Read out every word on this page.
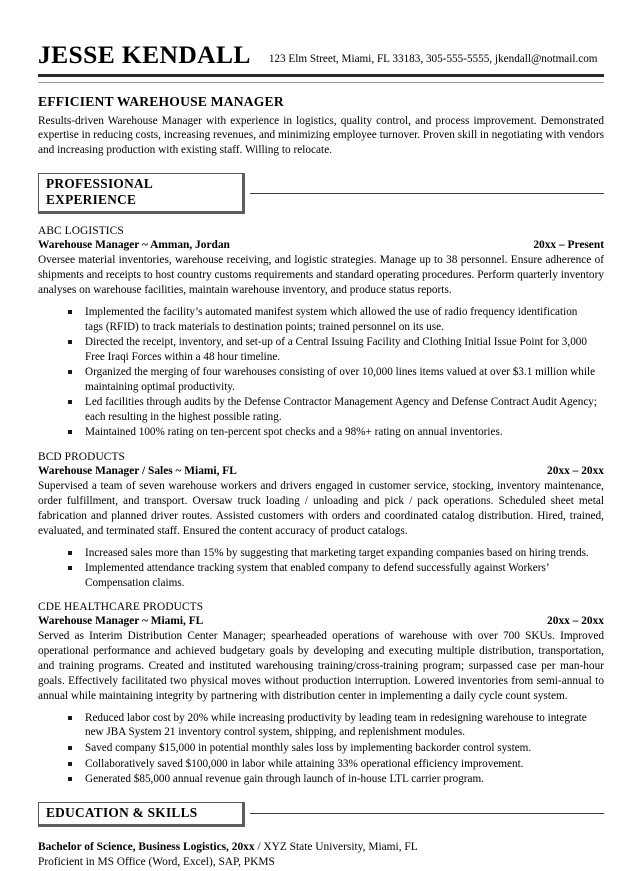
JESSE KENDALL 123 Elm Street, Miami, FL 33183, 305-555-5555, jkendall@notmail.com
EFFICIENT WAREHOUSE MANAGER
Results-driven Warehouse Manager with experience in logistics, quality control, and process improvement. Demonstrated expertise in reducing costs, increasing revenues, and minimizing employee turnover. Proven skill in negotiating with vendors and increasing production with existing staff. Willing to relocate.
PROFESSIONAL EXPERIENCE
ABC LOGISTICS
Warehouse Manager ~ Amman, Jordan	20xx – Present
Oversee material inventories, warehouse receiving, and logistic strategies. Manage up to 38 personnel. Ensure adherence of shipments and receipts to host country customs requirements and standard operating procedures. Perform quarterly inventory analyses on warehouse facilities, maintain warehouse inventory, and produce status reports.
Implemented the facility’s automated manifest system which allowed the use of radio frequency identification tags (RFID) to track materials to destination points; trained personnel on its use.
Directed the receipt, inventory, and set-up of a Central Issuing Facility and Clothing Initial Issue Point for 3,000 Free Iraqi Forces within a 48 hour timeline.
Organized the merging of four warehouses consisting of over 10,000 lines items valued at over $3.1 million while maintaining optimal productivity.
Led facilities through audits by the Defense Contractor Management Agency and Defense Contract Audit Agency; each resulting in the highest possible rating.
Maintained 100% rating on ten-percent spot checks and a 98%+ rating on annual inventories.
BCD PRODUCTS
Warehouse Manager / Sales ~ Miami, FL	20xx – 20xx
Supervised a team of seven warehouse workers and drivers engaged in customer service, stocking, inventory maintenance, order fulfillment, and transport. Oversaw truck loading / unloading and pick / pack operations. Scheduled sheet metal fabrication and planned driver routes. Assisted customers with orders and coordinated catalog distribution. Hired, trained, evaluated, and terminated staff. Ensured the content accuracy of product catalogs.
Increased sales more than 15% by suggesting that marketing target expanding companies based on hiring trends.
Implemented attendance tracking system that enabled company to defend successfully against Workers’ Compensation claims.
CDE HEALTHCARE PRODUCTS
Warehouse Manager ~ Miami, FL	20xx – 20xx
Served as Interim Distribution Center Manager; spearheaded operations of warehouse with over 700 SKUs. Improved operational performance and achieved budgetary goals by developing and executing multiple distribution, transportation, and training programs. Created and instituted warehousing training/cross-training program; surpassed case per man-hour goals. Effectively facilitated two physical moves without production interruption. Lowered inventories from semi-annual to annual while maintaining integrity by partnering with distribution center in implementing a daily cycle count system.
Reduced labor cost by 20% while increasing productivity by leading team in redesigning warehouse to integrate new JBA System 21 inventory control system, shipping, and replenishment modules.
Saved company $15,000 in potential monthly sales loss by implementing backorder control system.
Collaboratively saved $100,000 in labor while attaining 33% operational efficiency improvement.
Generated $85,000 annual revenue gain through launch of in-house LTL carrier program.
EDUCATION & SKILLS
Bachelor of Science, Business Logistics, 20xx / XYZ State University, Miami, FL
Proficient in MS Office (Word, Excel), SAP, PKMS
